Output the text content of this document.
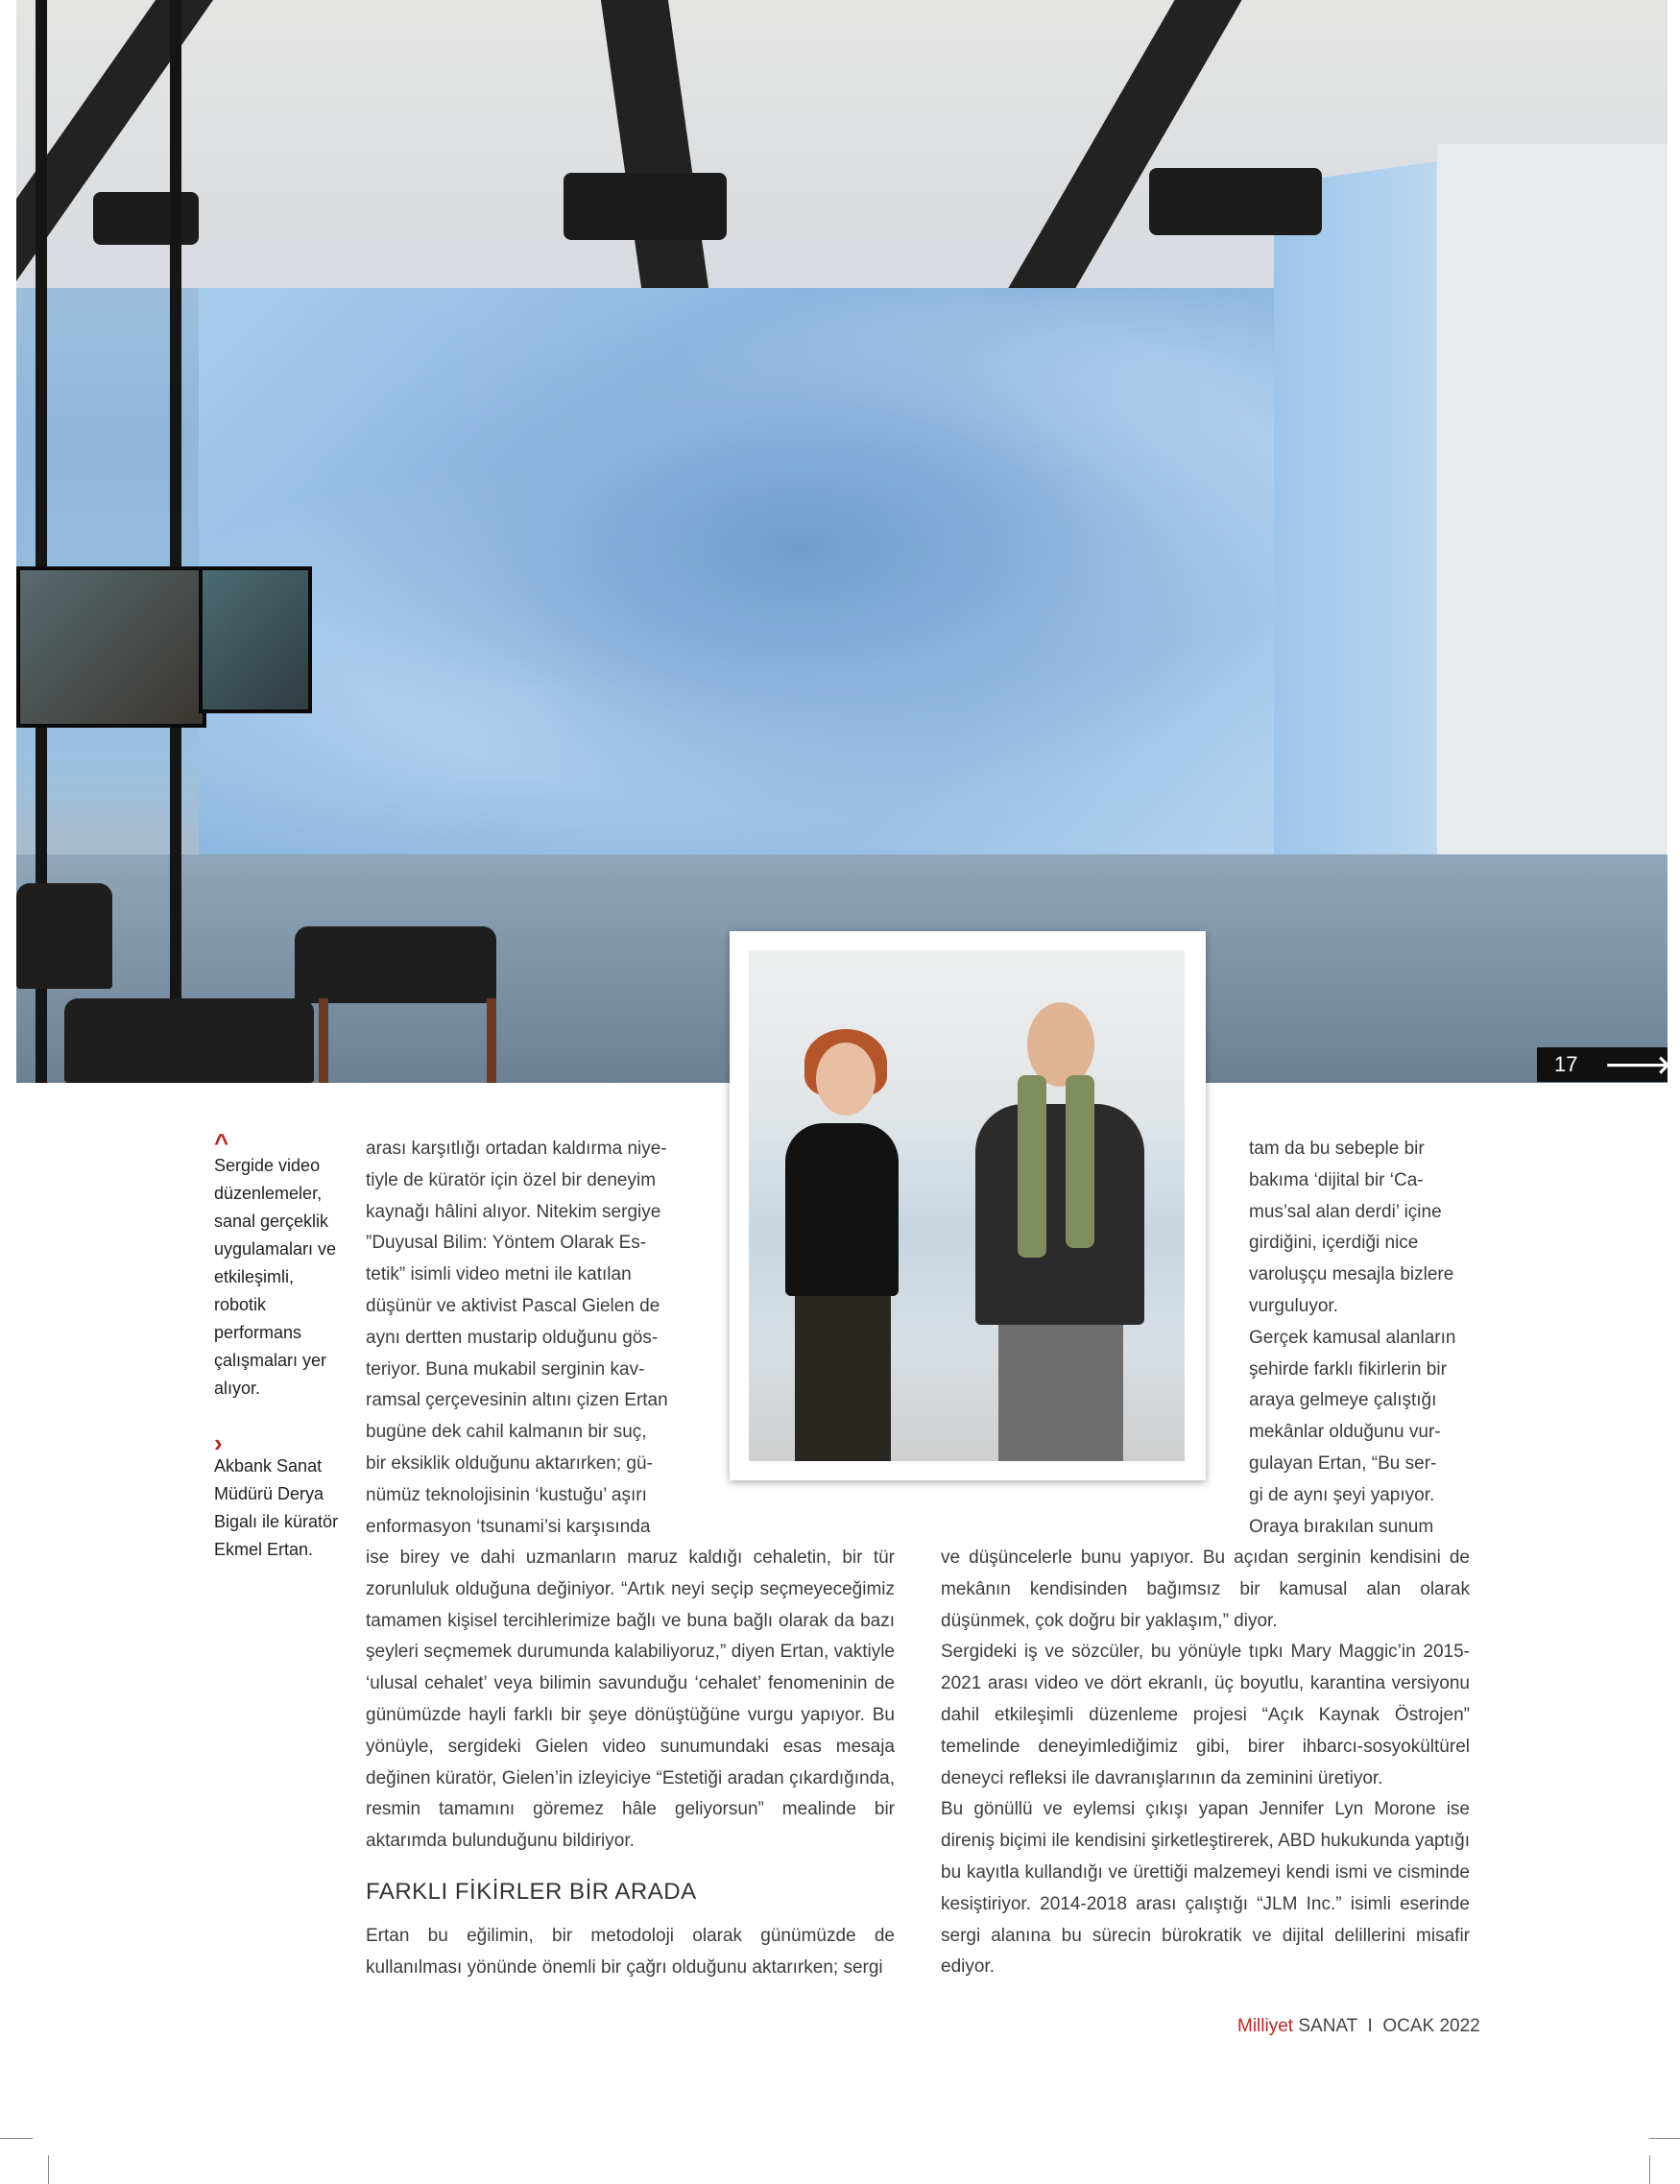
17 🡒
^
Sergide video düzenlemeler, sanal gerçeklik uygulamaları ve etkileşimli, robotik performans çalışmaları yer alıyor.
›
Akbank Sanat Müdürü Derya Bigalı ile küratör Ekmel Ertan.

arası karşıtlığı ortadan kaldırma niye-

tiyle de küratör için özel bir deneyim

kaynağı hâlini alıyor. Nitekim sergiye

”Duyusal Bilim: Yöntem Olarak Es-

tetik” isimli video metni ile katılan

düşünür ve aktivist Pascal Gielen de

aynı dertten mustarip olduğunu gös-

teriyor. Buna mukabil serginin kav-

ramsal çerçevesinin altını çizen Ertan

bugüne dek cahil kalmanın bir suç,

bir eksiklik olduğunu aktarırken; gü-

nümüz teknolojisinin ‘kustuğu’ aşırı

enformasyon ‘tsunami’si karşısında

ise birey ve dahi uzmanların maruz kaldığı cehaletin, bir tür zorunluluk olduğuna değiniyor. “Artık neyi seçip seçmeyeceğimiz tamamen kişisel tercihlerimize bağlı ve buna bağlı olarak da bazı şeyleri seçmemek durumunda kalabiliyoruz,” diyen Ertan, vaktiyle ‘ulusal cehalet’ veya bilimin savunduğu ‘cehalet’ fenomeninin de günümüzde hayli farklı bir şeye dönüştüğüne vurgu yapıyor. Bu yönüyle, sergideki Gielen video sunumundaki esas mesaja değinen küratör, Gielen’in izleyiciye “Estetiği aradan çıkardığında, resmin tamamını göremez hâle geliyorsun” mealinde bir aktarımda bulunduğunu bildiriyor.

FARKLI FİKİRLER BİR ARADA

Ertan bu eğilimin, bir metodoloji olarak günümüzde de kullanılması yönünde önemli bir çağrı olduğunu aktarırken; sergi

tam da bu sebeple bir

bakıma ‘dijital bir ‘Ca-

mus’sal alan derdi’ içine

girdiğini, içerdiği nice

varoluşçu mesajla bizlere

vurguluyor.

Gerçek kamusal alanların

şehirde farklı fikirlerin bir

araya gelmeye çalıştığı

mekânlar olduğunu vur-

gulayan Ertan, “Bu ser-

gi de aynı şeyi yapıyor.

Oraya bırakılan sunum

ve düşüncelerle bunu yapıyor. Bu açıdan serginin kendisini de mekânın kendisinden bağımsız bir kamusal alan olarak düşünmek, çok doğru bir yaklaşım,” diyor.

Sergideki iş ve sözcüler, bu yönüyle tıpkı Mary Maggic’in 2015-2021 arası video ve dört ekranlı, üç boyutlu, karantina versiyonu dahil etkileşimli düzenleme projesi “Açık Kaynak Östrojen” temelinde deneyimlediğimiz gibi, birer ihbarcı-sosyokültürel deneyci refleksi ile davranışlarının da zeminini üretiyor.

Bu gönüllü ve eylemsi çıkışı yapan Jennifer Lyn Morone ise direniş biçimi ile kendisini şirketleştirerek, ABD hukukunda yaptığı bu kayıtla kullandığı ve ürettiği malzemeyi kendi ismi ve cisminde kesiştiriyor. 2014-2018 arası çalıştığı “JLM Inc.” isimli eserinde sergi alanına bu sürecin bürokratik ve dijital delillerini misafir ediyor.

Milliyet SANAT I OCAK 2022
